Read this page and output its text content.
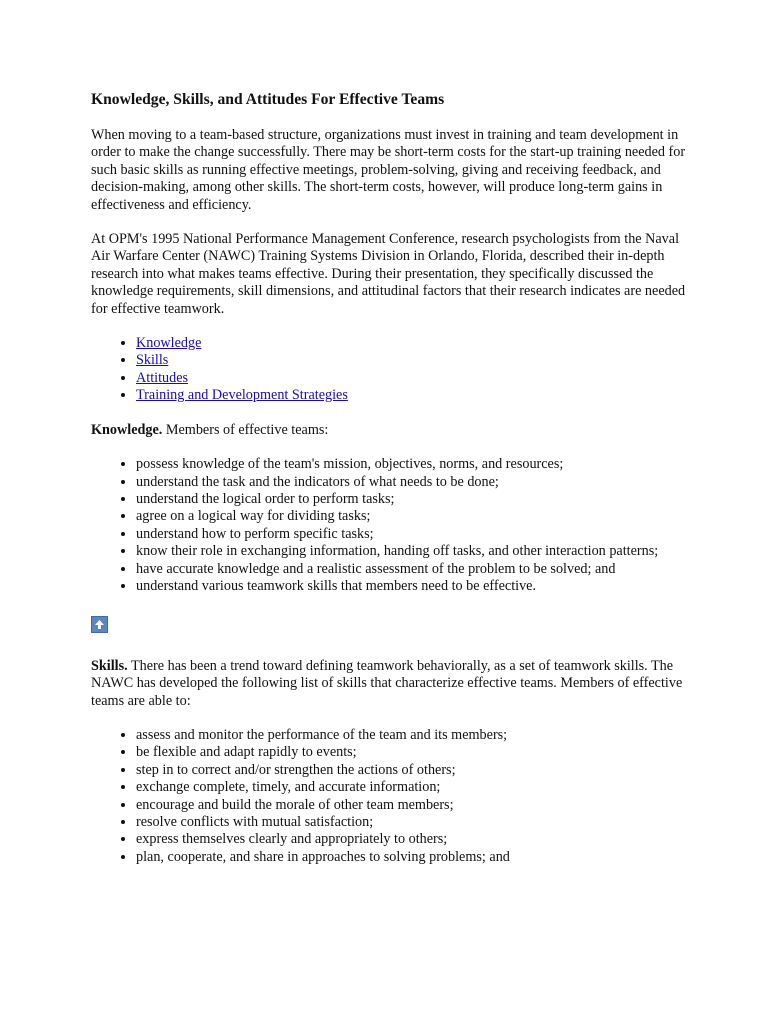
Knowledge, Skills, and Attitudes For Effective Teams

When moving to a team-based structure, organizations must invest in training and team development in order to make the change successfully. There may be short-term costs for the start-up training needed for such basic skills as running effective meetings, problem-solving, giving and receiving feedback, and decision-making, among other skills. The short-term costs, however, will produce long-term gains in effectiveness and efficiency.

At OPM's 1995 National Performance Management Conference, research psychologists from the Naval Air Warfare Center (NAWC) Training Systems Division in Orlando, Florida, described their in-depth research into what makes teams effective. During their presentation, they specifically discussed the knowledge requirements, skill dimensions, and attitudinal factors that their research indicates are needed for effective teamwork.

• Knowledge
• Skills
• Attitudes
• Training and Development Strategies

Knowledge. Members of effective teams:

• possess knowledge of the team's mission, objectives, norms, and resources;
• understand the task and the indicators of what needs to be done;
• understand the logical order to perform tasks;
• agree on a logical way for dividing tasks;
• understand how to perform specific tasks;
• know their role in exchanging information, handing off tasks, and other interaction patterns;
• have accurate knowledge and a realistic assessment of the problem to be solved; and
• understand various teamwork skills that members need to be effective.

Skills. There has been a trend toward defining teamwork behaviorally, as a set of teamwork skills. The NAWC has developed the following list of skills that characterize effective teams. Members of effective teams are able to:

• assess and monitor the performance of the team and its members;
• be flexible and adapt rapidly to events;
• step in to correct and/or strengthen the actions of others;
• exchange complete, timely, and accurate information;
• encourage and build the morale of other team members;
• resolve conflicts with mutual satisfaction;
• express themselves clearly and appropriately to others;
• plan, cooperate, and share in approaches to solving problems; and
